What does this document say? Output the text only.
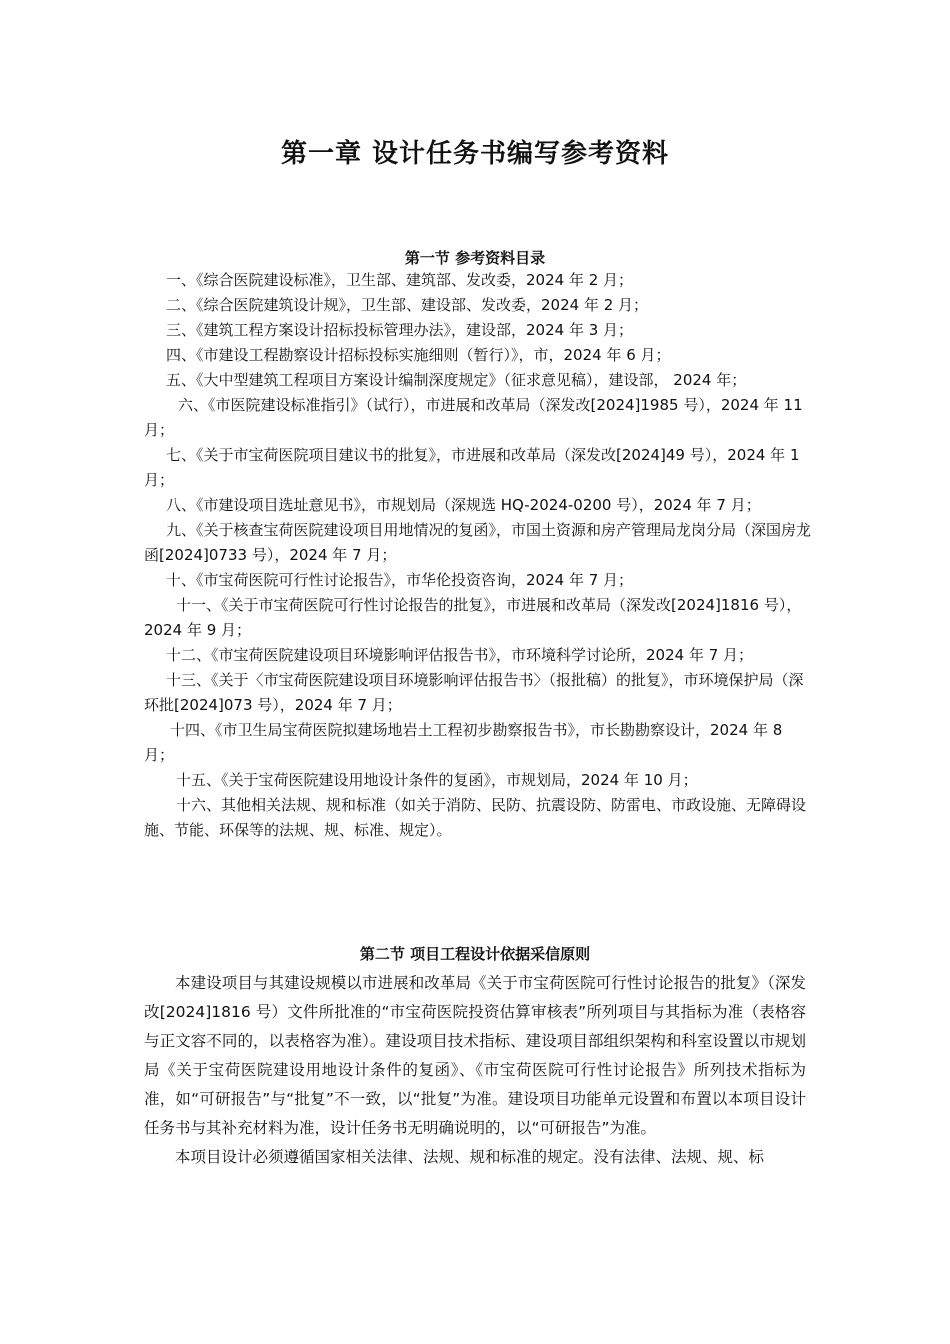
第一章 设计任务书编写参考资料
第一节 参考资料目录

一、《综合医院建设标准》，卫生部、建筑部、发改委，2024 年 2 月；

二、《综合医院建筑设计规》，卫生部、建设部、发改委，2024 年 2 月；

三、《建筑工程方案设计招标投标管理办法》，建设部，2024 年 3 月；

四、《市建设工程勘察设计招标投标实施细则（暂行）》，市，2024 年 6 月；

五、《大中型建筑工程项目方案设计编制深度规定》（征求意见稿），建设部， 2024 年；

六、《市医院建设标准指引》（试行），市进展和改革局（深发改[2024]1985 号），2024 年 11 月；

七、《关于市宝荷医院项目建议书的批复》，市进展和改革局（深发改[2024]49 号），2024 年 1 月；

八、《市建设项目选址意见书》，市规划局（深规选 HQ-2024-0200 号），2024 年 7 月；

九、《关于核查宝荷医院建设项目用地情况的复函》，市国土资源和房产管理局龙岗分局（深国房龙函[2024]0733 号），2024 年 7 月；

十、《市宝荷医院可行性讨论报告》，市华伦投资咨询，2024 年 7 月；

十一、《关于市宝荷医院可行性讨论报告的批复》，市进展和改革局（深发改[2024]1816 号），2024 年 9 月；

十二、《市宝荷医院建设项目环境影响评估报告书》，市环境科学讨论所，2024 年 7 月；

十三、《关于〈市宝荷医院建设项目环境影响评估报告书〉（报批稿）的批复》，市环境保护局（深环批[2024]073 号），2024 年 7 月；

十四、《市卫生局宝荷医院拟建场地岩土工程初步勘察报告书》，市长勘勘察设计，2024 年 8 月；

十五、《关于宝荷医院建设用地设计条件的复函》，市规划局，2024 年 10 月；

十六、其他相关法规、规和标准（如关于消防、民防、抗震设防、防雷电、市政设施、无障碍设施、节能、环保等的法规、规、标准、规定）。

第二节 项目工程设计依据采信原则

本建设项目与其建设规模以市进展和改革局《关于市宝荷医院可行性讨论报告的批复》（深发改[2024]1816 号）文件所批准的“市宝荷医院投资估算审核表”所列项目与其指标为准（表格容与正文容不同的，以表格容为准）。建设项目技术指标、建设项目部组织架构和科室设置以市规划局《关于宝荷医院建设用地设计条件的复函》、《市宝荷医院可行性讨论报告》所列技术指标为准，如“可研报告”与“批复”不一致，以“批复”为准。建设项目功能单元设置和布置以本项目设计任务书与其补充材料为准，设计任务书无明确说明的，以“可研报告”为准。

本项目设计必须遵循国家相关法律、法规、规和标准的规定。没有法律、法规、规、标
